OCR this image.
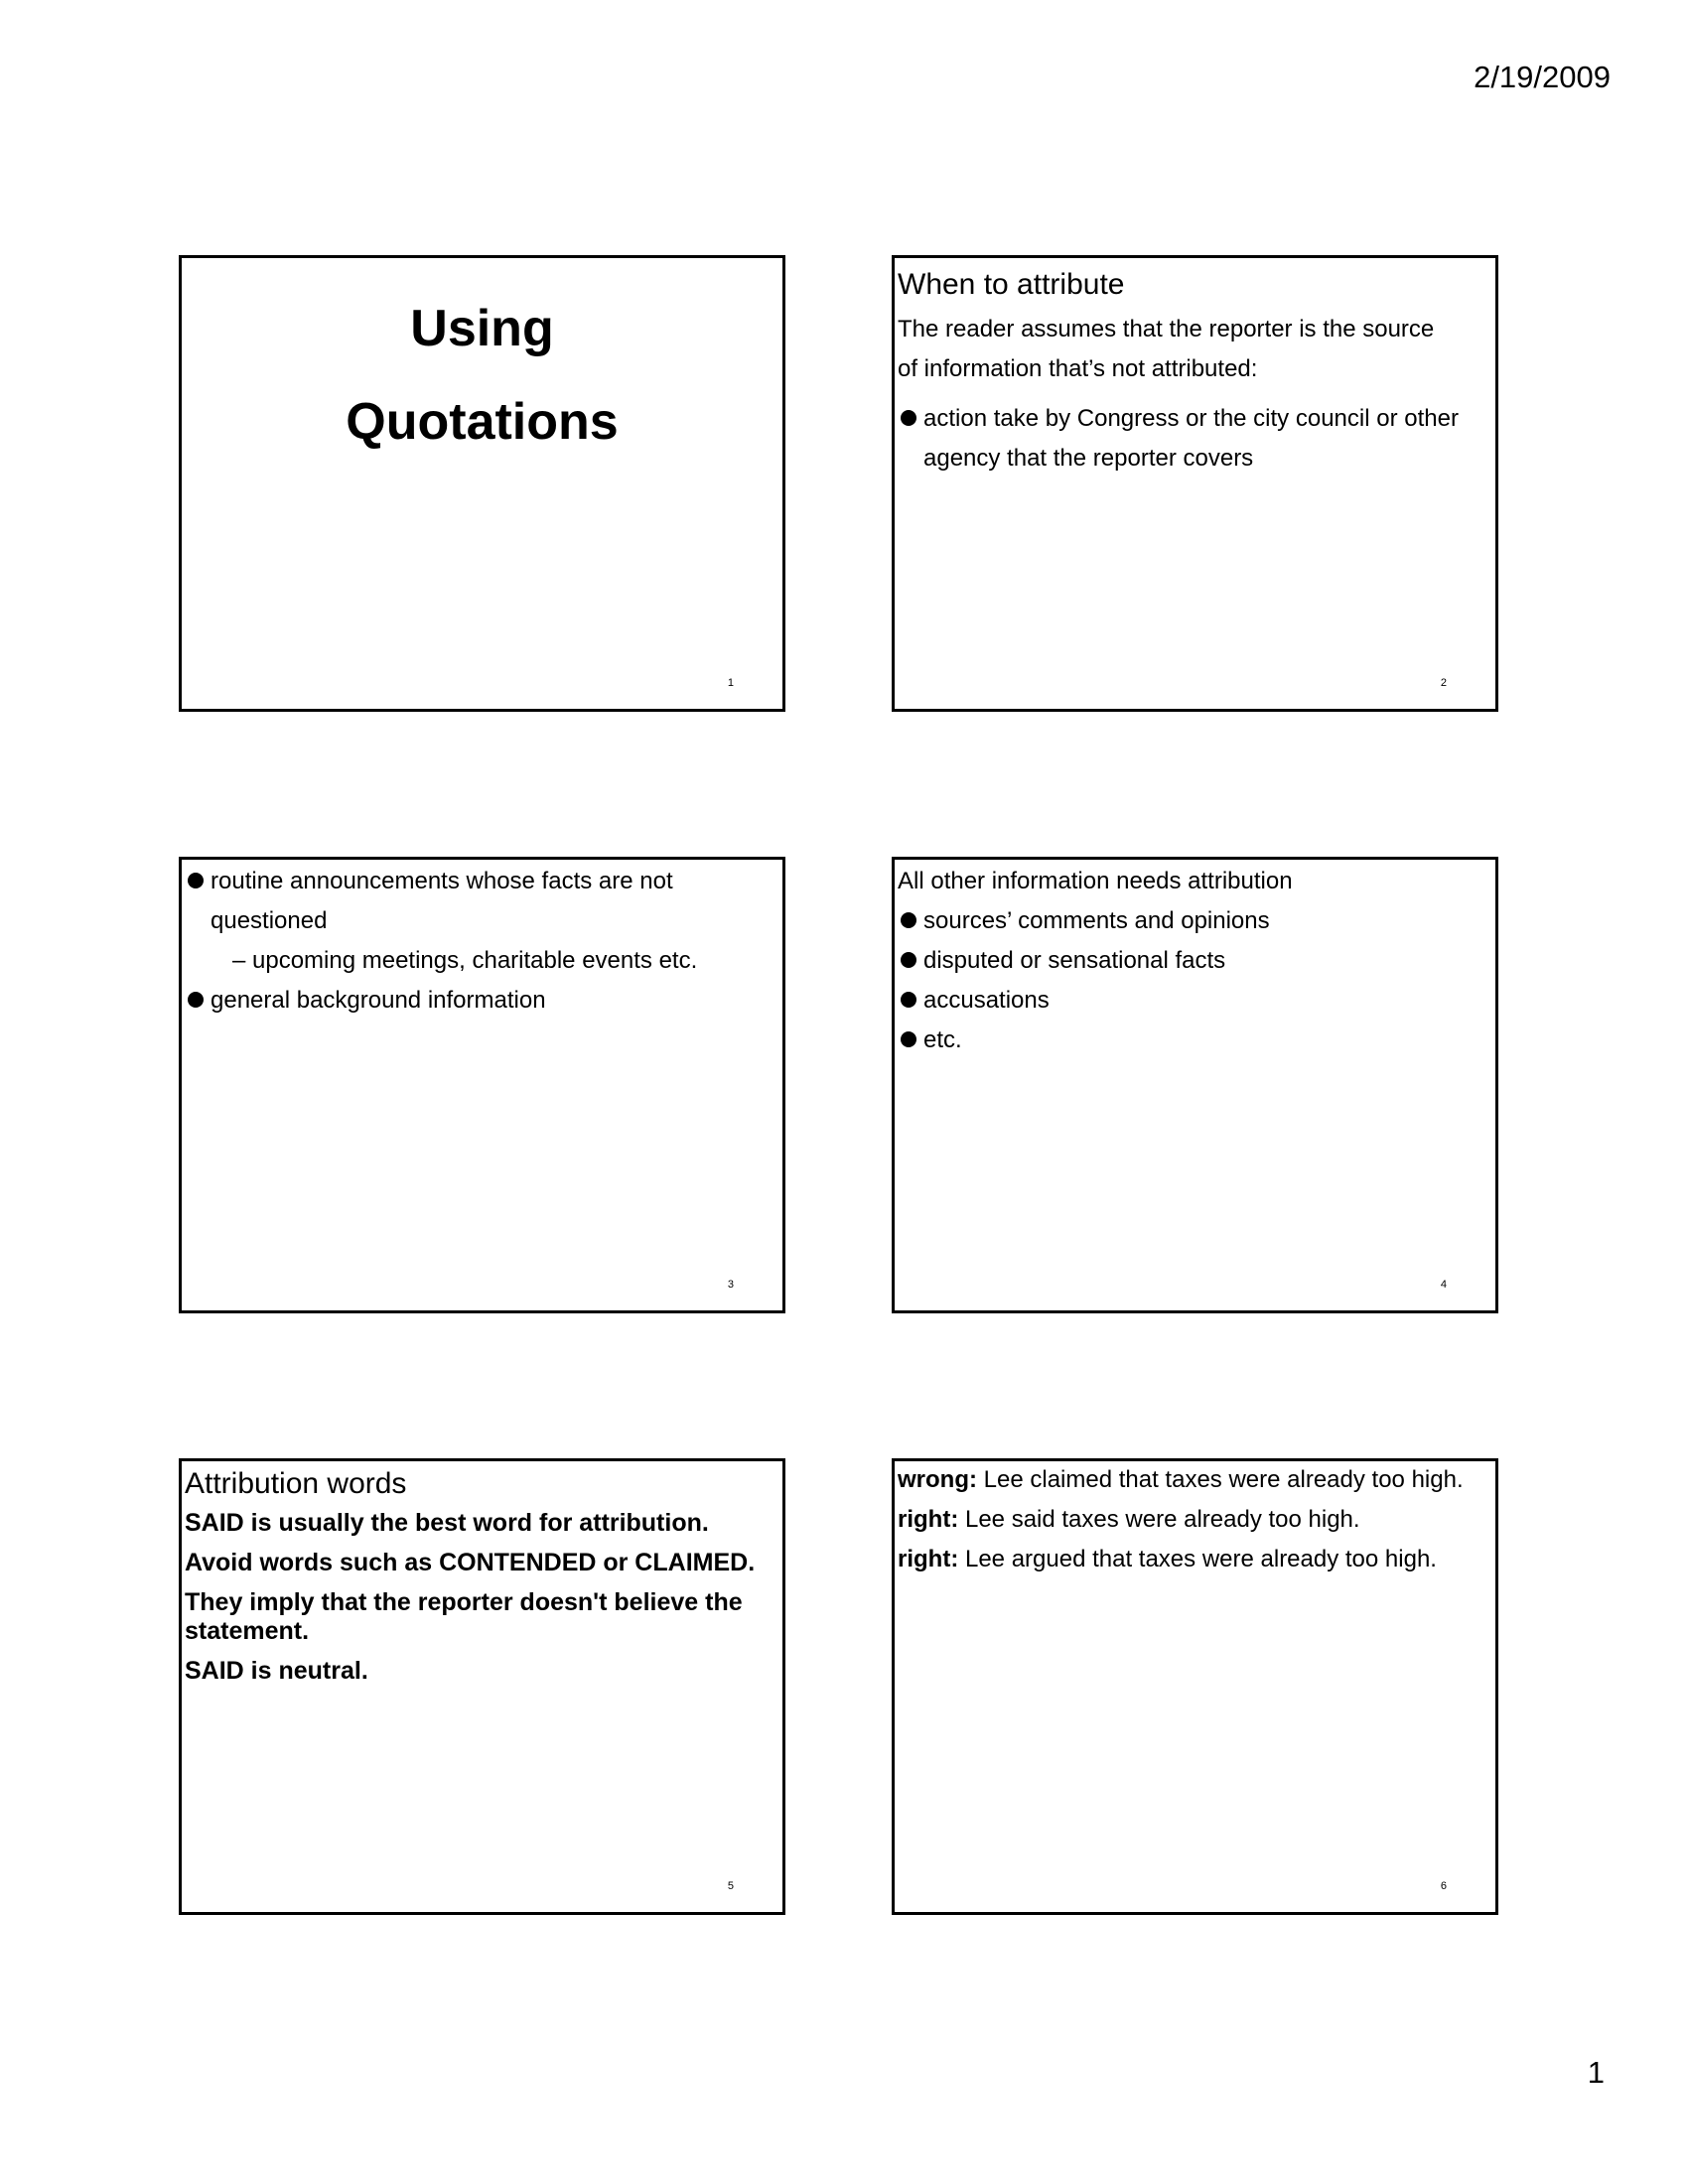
2/19/2009
Using
Quotations
1
When to attribute

The reader assumes that the reporter is the source

of information that’s not attributed:

action take by Congress or the city council or other
agency that the reporter covers
2
routine announcements whose facts are not
questioned
– upcoming meetings, charitable events etc.
general background information
3

All other information needs attribution

sources’ comments and opinions
disputed or sensational facts
accusations
etc.
4
Attribution words

SAID is usually the best word for attribution.

Avoid words such as CONTENDED or CLAIMED.

They imply that the reporter doesn't believe the statement.

SAID is neutral.

5

wrong: Lee claimed that taxes were already too high.

right: Lee said taxes were already too high.

right: Lee argued that taxes were already too high.

6
1
